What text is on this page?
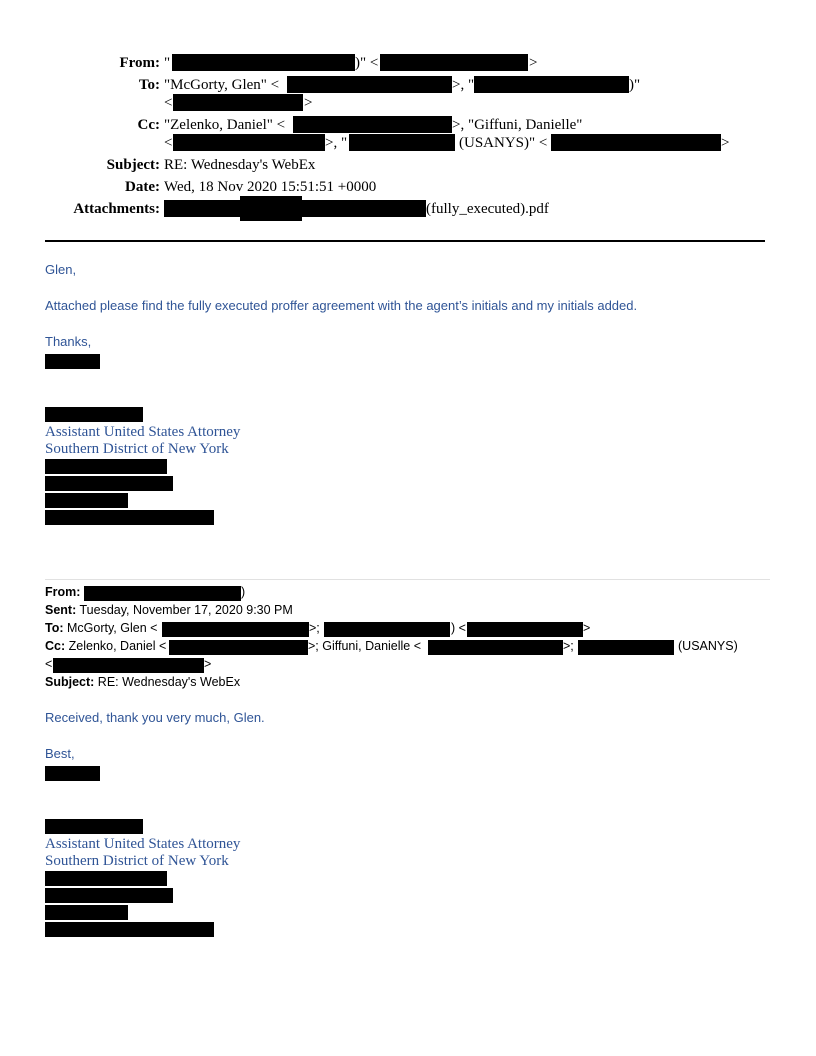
From: "	)" <	>
To: "McGorty, Glen" <	>, "	)"
<	>
Cc: "Zelenko, Daniel" <	>, "Giffuni, Danielle"
<	>, "	(USANYS)" <	>
Subject: RE: Wednesday's WebEx
Date: Wed, 18 Nov 2020 15:51:51 +0000
Attachments:	(fully_executed).pdf
Glen,
Attached please find the fully executed proffer agreement with the agent’s initials and my initials added.
Thanks,
Assistant United States Attorney
Southern District of New York
From:	)
Sent: Tuesday, November 17, 2020 9:30 PM
To: McGorty, Glen <	>;	) <	>
Cc: Zelenko, Daniel <	>; Giffuni, Danielle <	>;	(USANYS)
<	>
Subject: RE: Wednesday's WebEx
Received, thank you very much, Glen.
Best,
Assistant United States Attorney
Southern District of New York
